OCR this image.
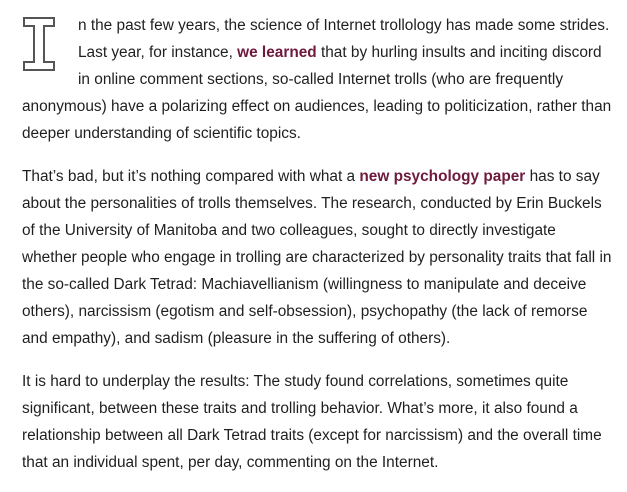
n the past few years, the science of Internet trollology has made some strides. Last year, for instance, we learned that by hurling insults and inciting discord in online comment sections, so-called Internet trolls (who are frequently anonymous) have a polarizing effect on audiences, leading to politicization, rather than deeper understanding of scientific topics.

That’s bad, but it’s nothing compared with what a new psychology paper has to say about the personalities of trolls themselves. The research, conducted by Erin Buckels of the University of Manitoba and two colleagues, sought to directly investigate whether people who engage in trolling are characterized by personality traits that fall in the so-called Dark Tetrad: Machiavellianism (willingness to manipulate and deceive others), narcissism (egotism and self-obsession), psychopathy (the lack of remorse and empathy), and sadism (pleasure in the suffering of others).

It is hard to underplay the results: The study found correlations, sometimes quite significant, between these traits and trolling behavior. What’s more, it also found a relationship between all Dark Tetrad traits (except for narcissism) and the overall time that an individual spent, per day, commenting on the Internet.
